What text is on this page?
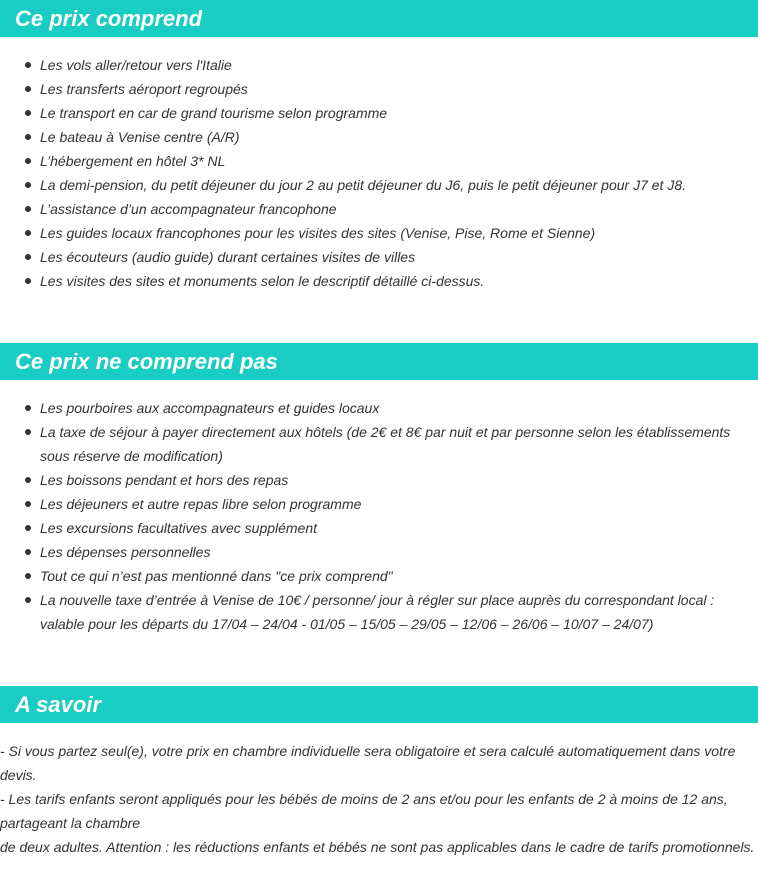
Ce prix comprend
Les vols aller/retour vers l'Italie
Les transferts aéroport regroupés
Le transport en car de grand tourisme selon programme
Le bateau à Venise centre (A/R)
L’hébergement en hôtel 3* NL
La demi-pension, du petit déjeuner du jour 2 au petit déjeuner du J6, puis le petit déjeuner pour J7 et J8.
L’assistance d’un accompagnateur francophone
Les guides locaux francophones pour les visites des sites (Venise, Pise, Rome et Sienne)
Les écouteurs (audio guide) durant certaines visites de villes
Les visites des sites et monuments selon le descriptif détaillé ci-dessus.
Ce prix ne comprend pas
Les pourboires aux accompagnateurs et guides locaux
La taxe de séjour à payer directement aux hôtels (de 2€ et 8€ par nuit et par personne selon les établissements sous réserve de modification)
Les boissons pendant et hors des repas
Les déjeuners et autre repas libre selon programme
Les excursions facultatives avec supplément
Les dépenses personnelles
Tout ce qui n’est pas mentionné dans "ce prix comprend"
La nouvelle taxe d’entrée à Venise de 10€ / personne/ jour à régler sur place auprès du correspondant local : valable pour les départs du 17/04 – 24/04 - 01/05 – 15/05 – 29/05 – 12/06 – 26/06 – 10/07 – 24/07)
A savoir

- Si vous partez seul(e), votre prix en chambre individuelle sera obligatoire et sera calculé automatiquement dans votre devis.

- Les tarifs enfants seront appliqués pour les bébés de moins de 2 ans et/ou pour les enfants de 2 à moins de 12 ans, partageant la chambre

de deux adultes. Attention : les réductions enfants et bébés ne sont pas applicables dans le cadre de tarifs promotionnels.
